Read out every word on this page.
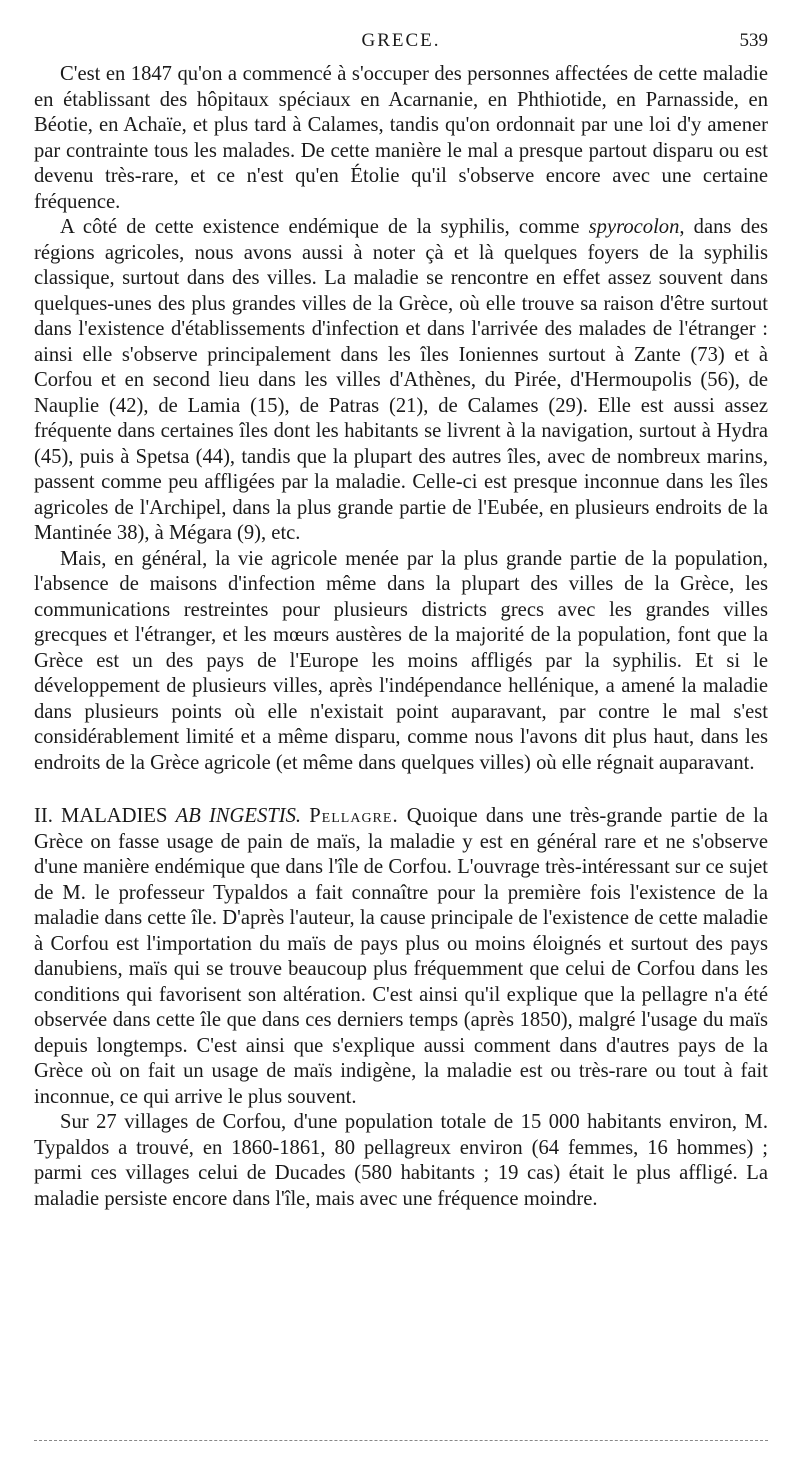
GRECE.	539

C'est en 1847 qu'on a commencé à s'occuper des personnes affectées de cette maladie en établissant des hôpitaux spéciaux en Acarnanie, en Phthiotide, en Parnasside, en Béotie, en Achaïe, et plus tard à Calames, tandis qu'on ordonnait par une loi d'y amener par contrainte tous les malades. De cette manière le mal a presque partout disparu ou est devenu très-rare, et ce n'est qu'en Étolie qu'il s'observe encore avec une certaine fréquence.

A côté de cette existence endémique de la syphilis, comme spyrocolon, dans des régions agricoles, nous avons aussi à noter çà et là quelques foyers de la syphilis classique, surtout dans des villes. La maladie se rencontre en effet assez souvent dans quelques-unes des plus grandes villes de la Grèce, où elle trouve sa raison d'être surtout dans l'existence d'établissements d'infection et dans l'arrivée des malades de l'étranger : ainsi elle s'observe principalement dans les îles Ioniennes surtout à Zante (73) et à Corfou et en second lieu dans les villes d'Athènes, du Pirée, d'Hermoupolis (56), de Nauplie (42), de Lamia (15), de Patras (21), de Calames (29). Elle est aussi assez fréquente dans certaines îles dont les habitants se livrent à la navigation, surtout à Hydra (45), puis à Spetsa (44), tandis que la plupart des autres îles, avec de nombreux marins, passent comme peu affligées par la maladie. Celle-ci est presque inconnue dans les îles agricoles de l'Archipel, dans la plus grande partie de l'Eubée, en plusieurs endroits de la Mantinée 38), à Mégara (9), etc.

Mais, en général, la vie agricole menée par la plus grande partie de la population, l'absence de maisons d'infection même dans la plupart des villes de la Grèce, les communications restreintes pour plusieurs districts grecs avec les grandes villes grecques et l'étranger, et les mœurs austères de la majorité de la population, font que la Grèce est un des pays de l'Europe les moins affligés par la syphilis. Et si le développement de plusieurs villes, après l'indépendance hellénique, a amené la maladie dans plusieurs points où elle n'existait point auparavant, par contre le mal s'est considérablement limité et a même disparu, comme nous l'avons dit plus haut, dans les endroits de la Grèce agricole (et même dans quelques villes) où elle régnait auparavant.

II. MALADIES AB INGESTIS. Pellagre. Quoique dans une très-grande partie de la Grèce on fasse usage de pain de maïs, la maladie y est en général rare et ne s'observe d'une manière endémique que dans l'île de Corfou. L'ouvrage très-intéressant sur ce sujet de M. le professeur Typaldos a fait connaître pour la première fois l'existence de la maladie dans cette île. D'après l'auteur, la cause principale de l'existence de cette maladie à Corfou est l'importation du maïs de pays plus ou moins éloignés et surtout des pays danubiens, maïs qui se trouve beaucoup plus fréquemment que celui de Corfou dans les conditions qui favorisent son altération. C'est ainsi qu'il explique que la pellagre n'a été observée dans cette île que dans ces derniers temps (après 1850), malgré l'usage du maïs depuis longtemps. C'est ainsi que s'explique aussi comment dans d'autres pays de la Grèce où on fait un usage de maïs indigène, la maladie est ou très-rare ou tout à fait inconnue, ce qui arrive le plus souvent.

Sur 27 villages de Corfou, d'une population totale de 15 000 habitants environ, M. Typaldos a trouvé, en 1860-1861, 80 pellagreux environ (64 femmes, 16 hommes) ; parmi ces villages celui de Ducades (580 habitants ; 19 cas) était le plus affligé. La maladie persiste encore dans l'île, mais avec une fréquence moindre.
